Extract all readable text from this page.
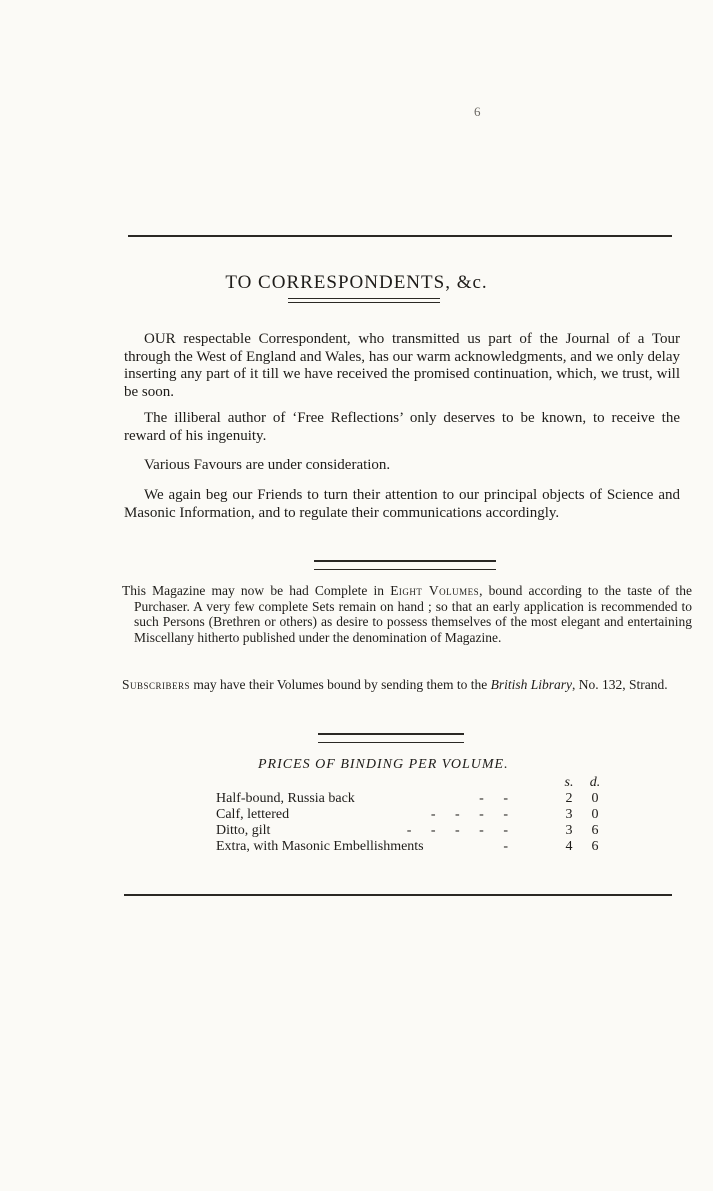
6
TO CORRESPONDENTS, &c.

OUR respectable Correspondent, who transmitted us part of the Journal of a Tour through the West of England and Wales, has our warm acknowledgments, and we only delay inserting any part of it till we have received the promised continuation, which, we trust, will be soon.

The illiberal author of ‘Free Reflections’ only deserves to be known, to receive the reward of his ingenuity.

Various Favours are under consideration.

We again beg our Friends to turn their attention to our principal objects of Science and Masonic Information, and to regulate their communications accordingly.

This Magazine may now be had Complete in Eight Volumes, bound according to the taste of the Purchaser. A very few complete Sets remain on hand ; so that an early application is recommended to such Persons (Brethren or others) as desire to possess themselves of the most elegant and entertaining Miscellany hitherto published under the denomination of Magazine.

Subscribers may have their Volumes bound by sending them to the British Library, No. 132, Strand.

PRICES OF BINDING PER VOLUME.
s. d.
Half-bound, Russia back	- -	2 0
Calf, lettered	- - - -	3 0
Ditto, gilt	- - - - -	3 6
Extra, with Masonic Embellishments	-	4 6
